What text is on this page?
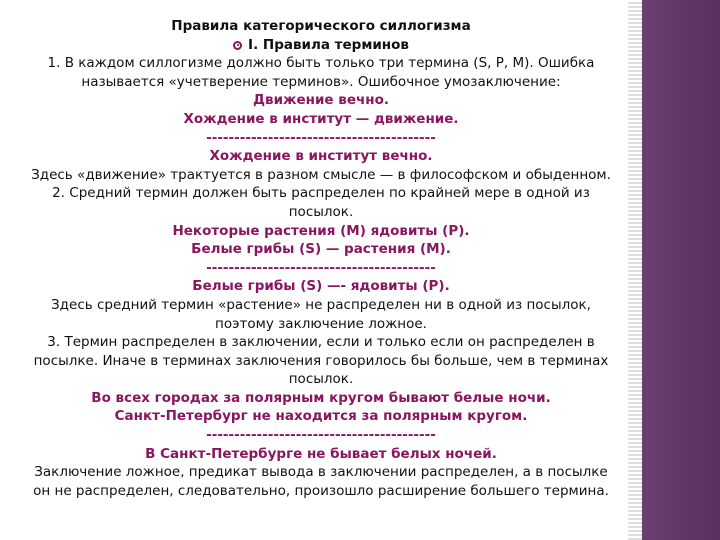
Правила категорического силлогизма
I. Правила терминов
1. В каждом силлогизме должно быть только три термина (S, P, M). Ошибка
называется «учетверение терминов». Ошибочное умозаключение:
Движение вечно.
Хождение в институт — движение.
-----------------------------------------
Хождение в институт вечно.
Здесь «движение» трактуется в разном смысле — в философском и обыденном.
2. Средний термин должен быть распределен по крайней мере в одной из
посылок.
Некоторые растения (M) ядовиты (P).
Белые грибы (S) — растения (M).
-----------------------------------------
Белые грибы (S) —- ядовиты (P).
Здесь средний термин «растение» не распределен ни в одной из посылок,
поэтому заключение ложное.
3. Термин распределен в заключении, если и только если он распределен в
посылке. Иначе в терминах заключения говорилось бы больше, чем в терминах
посылок.
Во всех городах за полярным кругом бывают белые ночи.
Санкт-Петербург не находится за полярным кругом.
-----------------------------------------
В Санкт-Петербурге не бывает белых ночей.
Заключение ложное, предикат вывода в заключении распределен, а в посылке
он не распределен, следовательно, произошло расширение большего термина.
